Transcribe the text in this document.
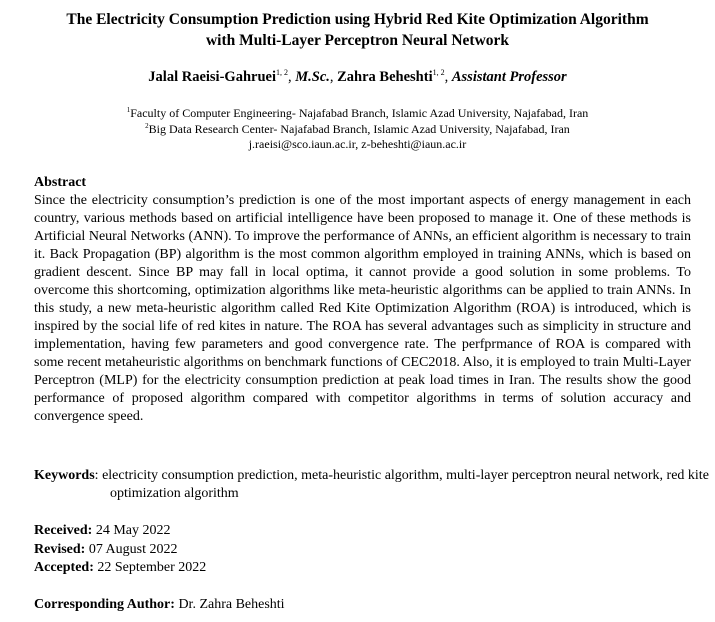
The Electricity Consumption Prediction using Hybrid Red Kite Optimization Algorithm
with Multi-Layer Perceptron Neural Network
Jalal Raeisi-Gahruei$^{1, 2}$, M.Sc., Zahra Beheshti$^{1, 2}$, Assistant Professor
$^1$Faculty of Computer Engineering- Najafabad Branch, Islamic Azad University, Najafabad, Iran
$^2$Big Data Research Center- Najafabad Branch, Islamic Azad University, Najafabad, Iran
j.raeisi@sco.iaun.ac.ir, z-beheshti@iaun.ac.ir
Abstract
Since the electricity consumption’s prediction is one of the most important aspects of energy management in each country, various methods based on artificial intelligence have been proposed to manage it. One of these methods is Artificial Neural Networks (ANN). To improve the performance of ANNs, an efficient algorithm is necessary to train it. Back Propagation (BP) algorithm is the most common algorithm employed in training ANNs, which is based on gradient descent. Since BP may fall in local optima, it cannot provide a good solution in some problems. To overcome this shortcoming, optimization algorithms like meta-heuristic algorithms can be applied to train ANNs. In this study, a new meta-heuristic algorithm called Red Kite Optimization Algorithm (ROA) is introduced, which is inspired by the social life of red kites in nature. The ROA has several advantages such as simplicity in structure and implementation, having few parameters and good convergence rate. The perfprmance of ROA is compared with some recent metaheuristic algorithms on benchmark functions of CEC2018. Also, it is employed to train Multi-Layer Perceptron (MLP) for the electricity consumption prediction at peak load times in Iran. The results show the good performance of proposed algorithm compared with competitor algorithms in terms of solution accuracy and convergence speed.
Keywords: electricity consumption prediction, meta-heuristic algorithm, multi-layer perceptron neural network, red kite optimization algorithm
Received: 24 May 2022
Revised: 07 August 2022
Accepted: 22 September 2022
Corresponding Author: Dr. Zahra Beheshti
